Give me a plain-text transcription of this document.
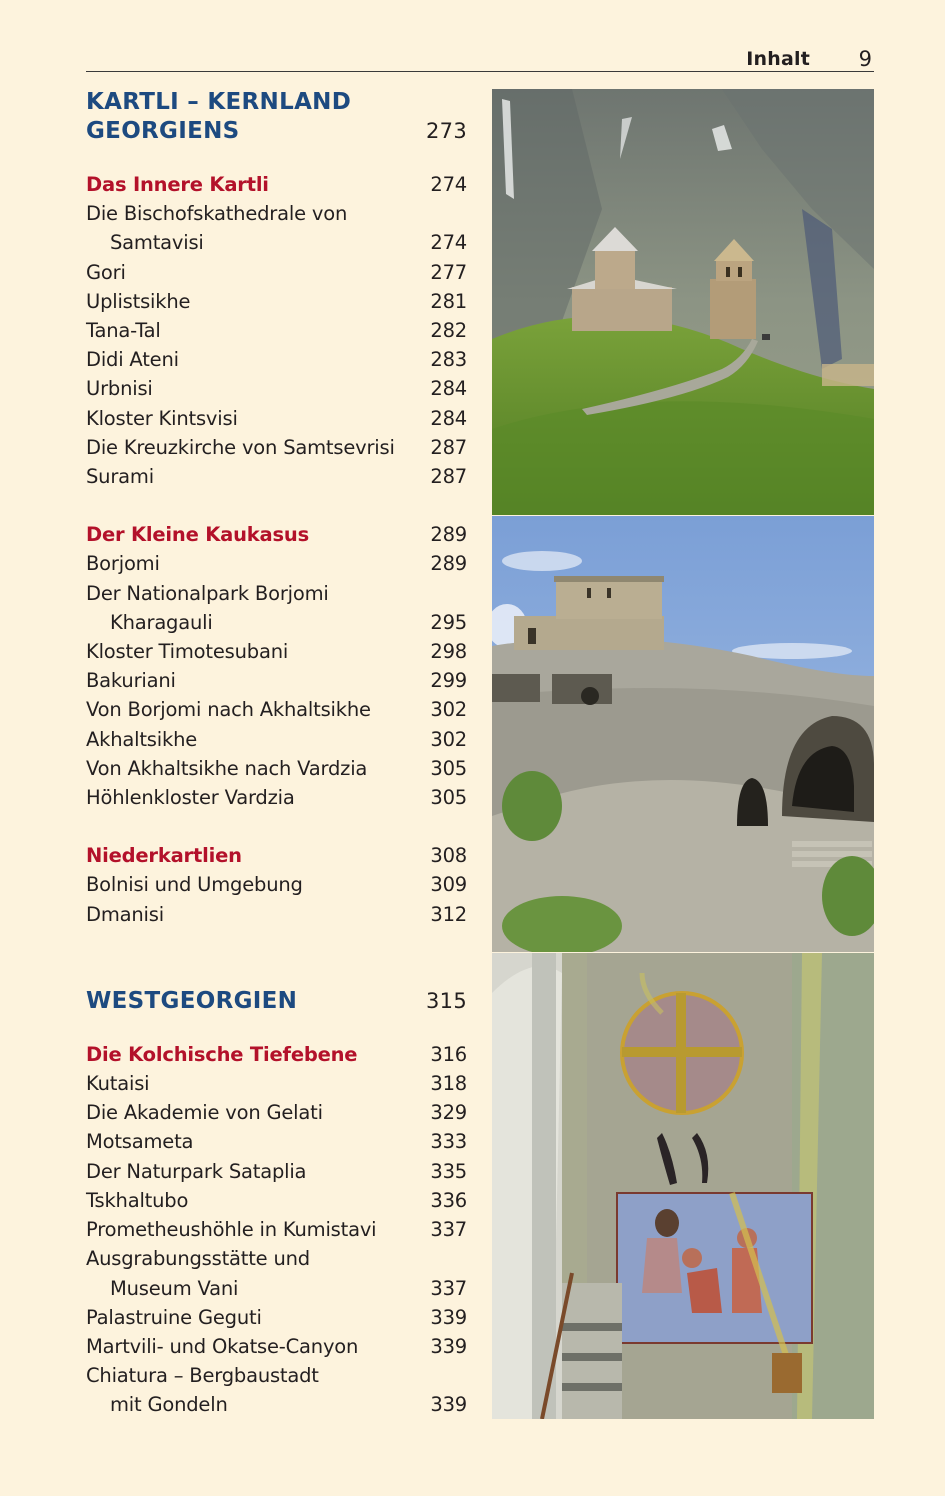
Inhalt 9
KARTLI – KERNLAND
GEORGIENS	273
Das Innere Kartli	274
Die Bischofskathedrale von
Samtavisi	274
Gori	277
Uplistsikhe	281
Tana-Tal	282
Didi Ateni	283
Urbnisi	284
Kloster Kintsvisi	284
Die Kreuzkirche von Samtsevrisi 287
Surami	287
Der Kleine Kaukasus	289
Borjomi	289
Der Nationalpark Borjomi
Kharagauli	295
Kloster Timotesubani	298
Bakuriani	299
Von Borjomi nach Akhaltsikhe	302
Akhaltsikhe	302
Von Akhaltsikhe nach Vardzia	305
Höhlenkloster Vardzia	305
Niederkartlien	308
Bolnisi und Umgebung	309
Dmanisi	312
WESTGEORGIEN	315
Die Kolchische Tiefebene	316
Kutaisi	318
Die Akademie von Gelati	329
Motsameta	333
Der Naturpark Sataplia	335
Tskhaltubo	336
Prometheushöhle in Kumistavi	337
Ausgrabungsstätte und
Museum Vani	337
Palastruine Geguti	339
Martvili- und Okatse-Canyon	339
Chiatura – Bergbaustadt
mit Gondeln	339
